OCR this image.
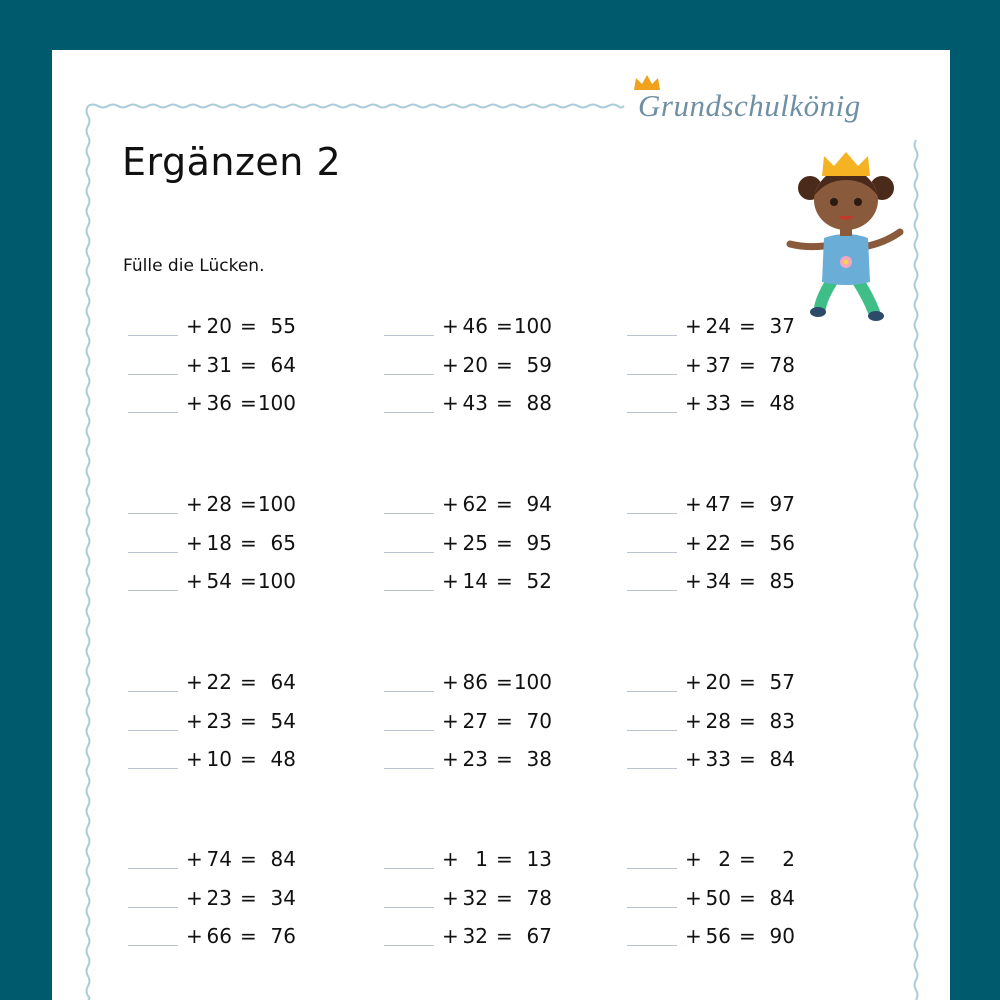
Grundschulkönig
Ergänzen 2
Fülle die Lücken.
+ 20 = 55
+ 31 = 64
+ 36 = 100
+ 46 = 100
+ 20 = 59
+ 43 = 88
+ 24 = 37
+ 37 = 78
+ 33 = 48
+ 28 = 100
+ 18 = 65
+ 54 = 100
+ 62 = 94
+ 25 = 95
+ 14 = 52
+ 47 = 97
+ 22 = 56
+ 34 = 85
+ 22 = 64
+ 23 = 54
+ 10 = 48
+ 86 = 100
+ 27 = 70
+ 23 = 38
+ 20 = 57
+ 28 = 83
+ 33 = 84
+ 74 = 84
+ 23 = 34
+ 66 = 76
+ 1 = 13
+ 32 = 78
+ 32 = 67
+ 2 =	2
+ 50 = 84
+ 56 = 90
